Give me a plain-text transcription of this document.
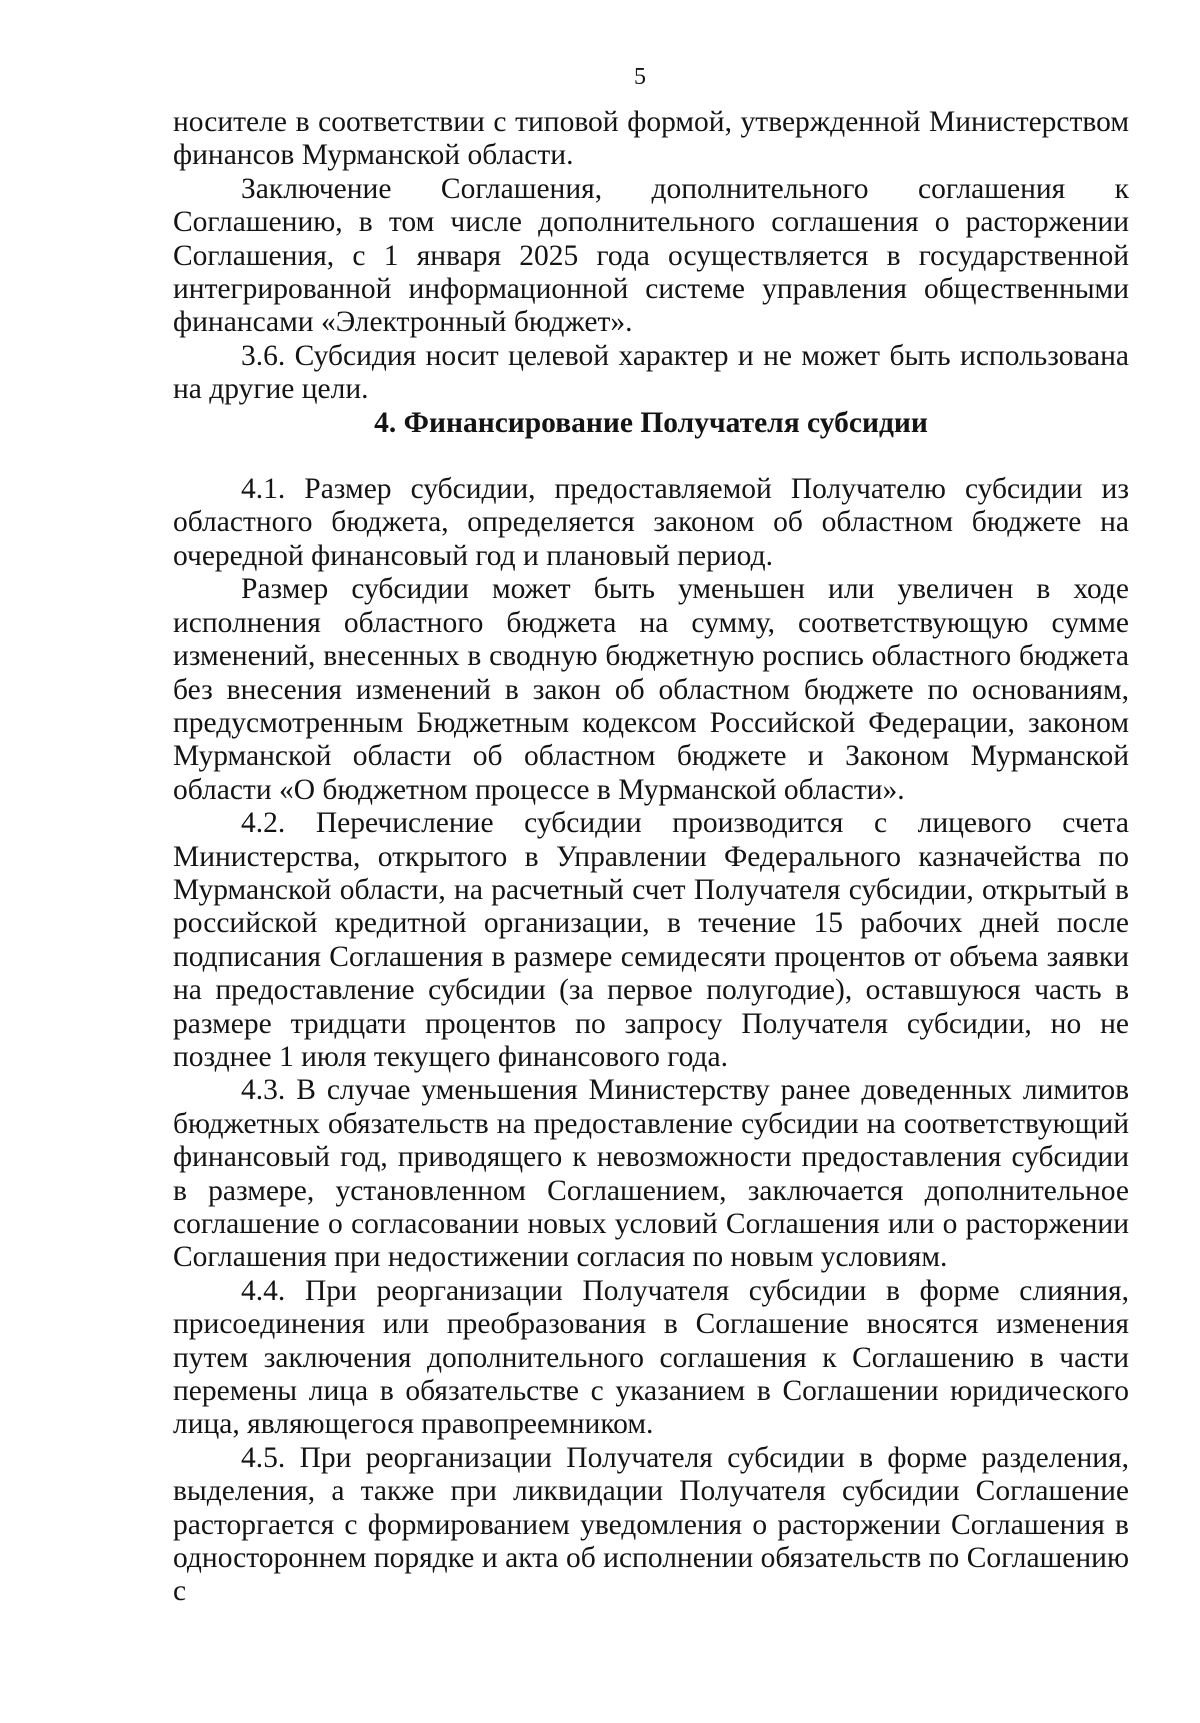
5

носителе в соответствии с типовой формой, утвержденной Министерством финансов Мурманской области.

Заключение Соглашения, дополнительного соглашения к Соглашению, в том числе дополнительного соглашения о расторжении Соглашения, с 1 января 2025 года осуществляется в государственной интегрированной информационной системе управления общественными финансами «Электронный бюджет».

3.6. Субсидия носит целевой характер и не может быть использована на другие цели.

4. Финансирование Получателя субсидии

4.1. Размер субсидии, предоставляемой Получателю субсидии из областного бюджета, определяется законом об областном бюджете на очередной финансовый год и плановый период.

Размер субсидии может быть уменьшен или увеличен в ходе исполнения областного бюджета на сумму, соответствующую сумме изменений, внесенных в сводную бюджетную роспись областного бюджета без внесения изменений в закон об областном бюджете по основаниям, предусмотренным Бюджетным кодексом Российской Федерации, законом Мурманской области об областном бюджете и Законом Мурманской области «О бюджетном процессе в Мурманской области».

4.2. Перечисление субсидии производится с лицевого счета Министерства, открытого в Управлении Федерального казначейства по Мурманской области, на расчетный счет Получателя субсидии, открытый в российской кредитной организации, в течение 15 рабочих дней после подписания Соглашения в размере семидесяти процентов от объема заявки на предоставление субсидии (за первое полугодие), оставшуюся часть в размере тридцати процентов по запросу Получателя субсидии, но не позднее 1 июля текущего финансового года.

4.3. В случае уменьшения Министерству ранее доведенных лимитов бюджетных обязательств на предоставление субсидии на соответствующий финансовый год, приводящего к невозможности предоставления субсидии в размере, установленном Соглашением, заключается дополнительное соглашение о согласовании новых условий Соглашения или о расторжении Соглашения при недостижении согласия по новым условиям.

4.4. При реорганизации Получателя субсидии в форме слияния, присоединения или преобразования в Соглашение вносятся изменения путем заключения дополнительного соглашения к Соглашению в части перемены лица в обязательстве с указанием в Соглашении юридического лица, являющегося правопреемником.

4.5. При реорганизации Получателя субсидии в форме разделения, выделения, а также при ликвидации Получателя субсидии Соглашение расторгается с формированием уведомления о расторжении Соглашения в одностороннем порядке и акта об исполнении обязательств по Соглашению с
